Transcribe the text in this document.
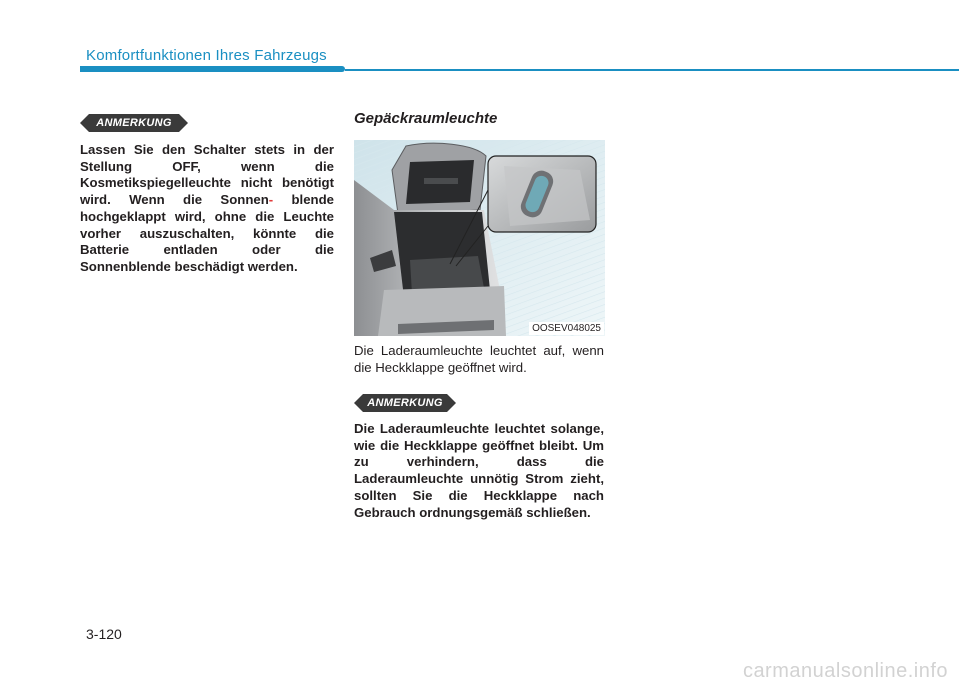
Komfortfunktionen Ihres Fahrzeugs
ANMERKUNG

Lassen Sie den Schalter stets in der Stellung OFF, wenn die Kosmetikspiegelleuchte nicht benötigt wird. Wenn die Sonnen- blende hochgeklappt wird, ohne die Leuchte vorher auszuschalten, könnte die Batterie entladen oder die Sonnenblende beschädigt werden.

Gepäckraumleuchte
OOSEV048025

Die Laderaumleuchte leuchtet auf, wenn die Heckklappe geöffnet wird.

ANMERKUNG

Die Laderaumleuchte leuchtet solange, wie die Heckklappe geöffnet bleibt. Um zu verhindern, dass die Laderaumleuchte unnötig Strom zieht, sollten Sie die Heckklappe nach Gebrauch ordnungsgemäß schließen.

3-120
carmanualsonline.info
